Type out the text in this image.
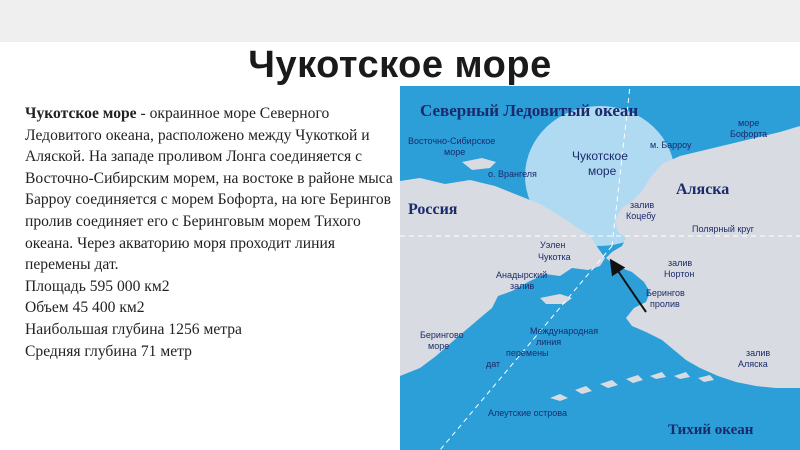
Чукотское море

Чукотское море - окраинное море Северного Ледовитого океана, расположено между Чукоткой и Аляской. На западе проливом Лонга соединяется с Восточно-Сибирским морем, на востоке в районе мыса Барроу соединяется с морем Бофорта, на юге Берингов пролив соединяет его с Беринговым морем Тихого океана. Через акваторию моря проходит линия перемены дат.

Площадь 595 000 км2
Объем 45 400 км2
Наибольшая глубина 1256 метра
Средняя глубина 71 метр
Северный Ледовитый океан
Восточно-Сибирское
море
о. Врангеля
Чукотское
море
м. Барроу
море
Бофорта
Аляска
залив
Коцебу
Полярный круг
Россия
Уэлен
Чукотка
Анадырский
залив
залив
Нортон
Берингов
пролив
Берингово
море
Международная
линия
перемены
дат
Алеутские острова
Тихий океан
залив
Аляска
